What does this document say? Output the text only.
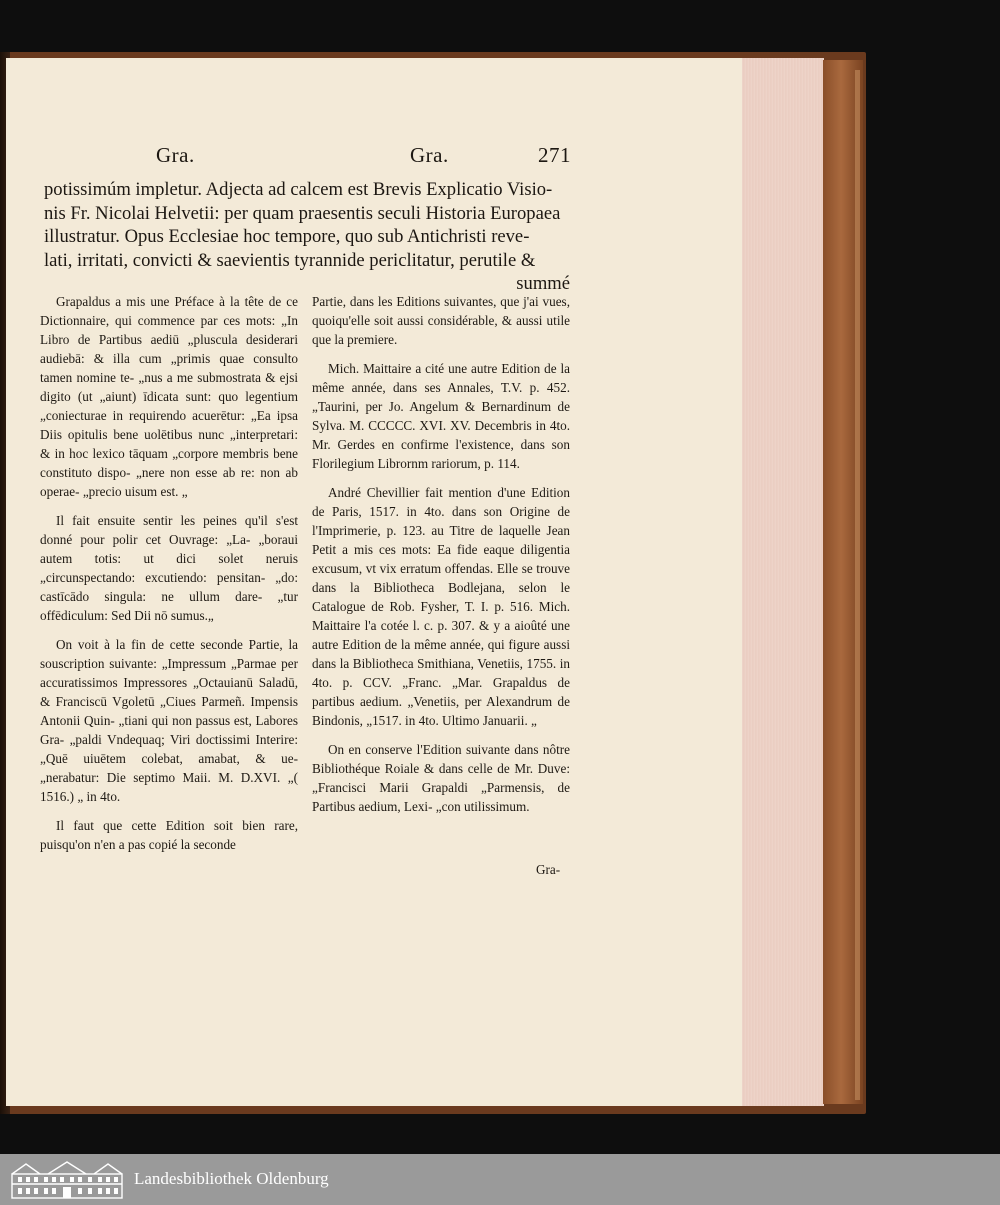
Gra.	Gra.	271
potissimúm impletur. Adjecta ad calcem est Brevis Explicatio Visio-
nis Fr. Nicolai Helvetii: per quam praesentis seculi Historia Europaea
illustratur. Opus Ecclesiae hoc tempore, quo sub Antichristi reve-
lati, irritati, convicti & saevientis tyrannide periclitatur, perutile &
summé

Grapaldus a mis une Préface à la tête de ce Dictionnaire, qui commence par ces mots: „In Libro de Partibus aediū „pluscula desiderari audiebā: & illa cum „primis quae consulto tamen nomine te- „nus a me submostrata & ejsi digito (ut „aiunt) īdicata sunt: quo legentium „coniecturae in requirendo acuerētur: „Ea ipsa Diis opitulis bene uolētibus nunc „interpretari: & in hoc lexico tāquam „corpore membris bene constituto dispo- „nere non esse ab re: non ab operae- „precio uisum est. „

Il fait ensuite sentir les peines qu'il s'est donné pour polir cet Ouvrage: „La- „boraui autem totis: ut dici solet neruis „circunspectando: excutiendo: pensitan- „do: castīcādo singula: ne ullum dare- „tur offēdiculum: Sed Dii nō sumus.„

On voit à la fin de cette seconde Partie, la souscription suivante: „Impressum „Parmae per accuratissimos Impressores „Octauianū Saladū, & Franciscū Vgoletū „Ciues Parmeñ. Impensis Antonii Quin- „tiani qui non passus est, Labores Gra- „paldi Vndequaq; Viri doctissimi Interire: „Quē uiuētem colebat, amabat, & ue- „nerabatur: Die septimo Maii. M. D.XVI. „( 1516.) „ in 4to.

Il faut que cette Edition soit bien rare, puisqu'on n'en a pas copié la seconde

Partie, dans les Editions suivantes, que j'ai vues, quoiqu'elle soit aussi considérable, & aussi utile que la premiere.

Mich. Maittaire a cité une autre Edition de la même année, dans ses Annales, T.V. p. 452. „Taurini, per Jo. Angelum & Bernardinum de Sylva. M. CCCCC. XVI. XV. Decembris in 4to. Mr. Gerdes en confirme l'existence, dans son Florilegium Librornm rariorum, p. 114.

André Chevillier fait mention d'une Edition de Paris, 1517. in 4to. dans son Origine de l'Imprimerie, p. 123. au Titre de laquelle Jean Petit a mis ces mots: Ea fide eaque diligentia excusum, vt vix erratum offendas. Elle se trouve dans la Bibliotheca Bodlejana, selon le Catalogue de Rob. Fysher, T. I. p. 516. Mich. Maittaire l'a cotée l. c. p. 307. & y a aioûté une autre Edition de la même année, qui figure aussi dans la Bibliotheca Smithiana, Venetiis, 1755. in 4to. p. CCV. „Franc. „Mar. Grapaldus de partibus aedium. „Venetiis, per Alexandrum de Bindonis, „1517. in 4to. Ultimo Januarii. „

On en conserve l'Edition suivante dans nôtre Bibliothéque Roiale & dans celle de Mr. Duve: „Francisci Marii Grapaldi „Parmensis, de Partibus aedium, Lexi- „con utilissimum.

Gra-
Landesbibliothek Oldenburg
